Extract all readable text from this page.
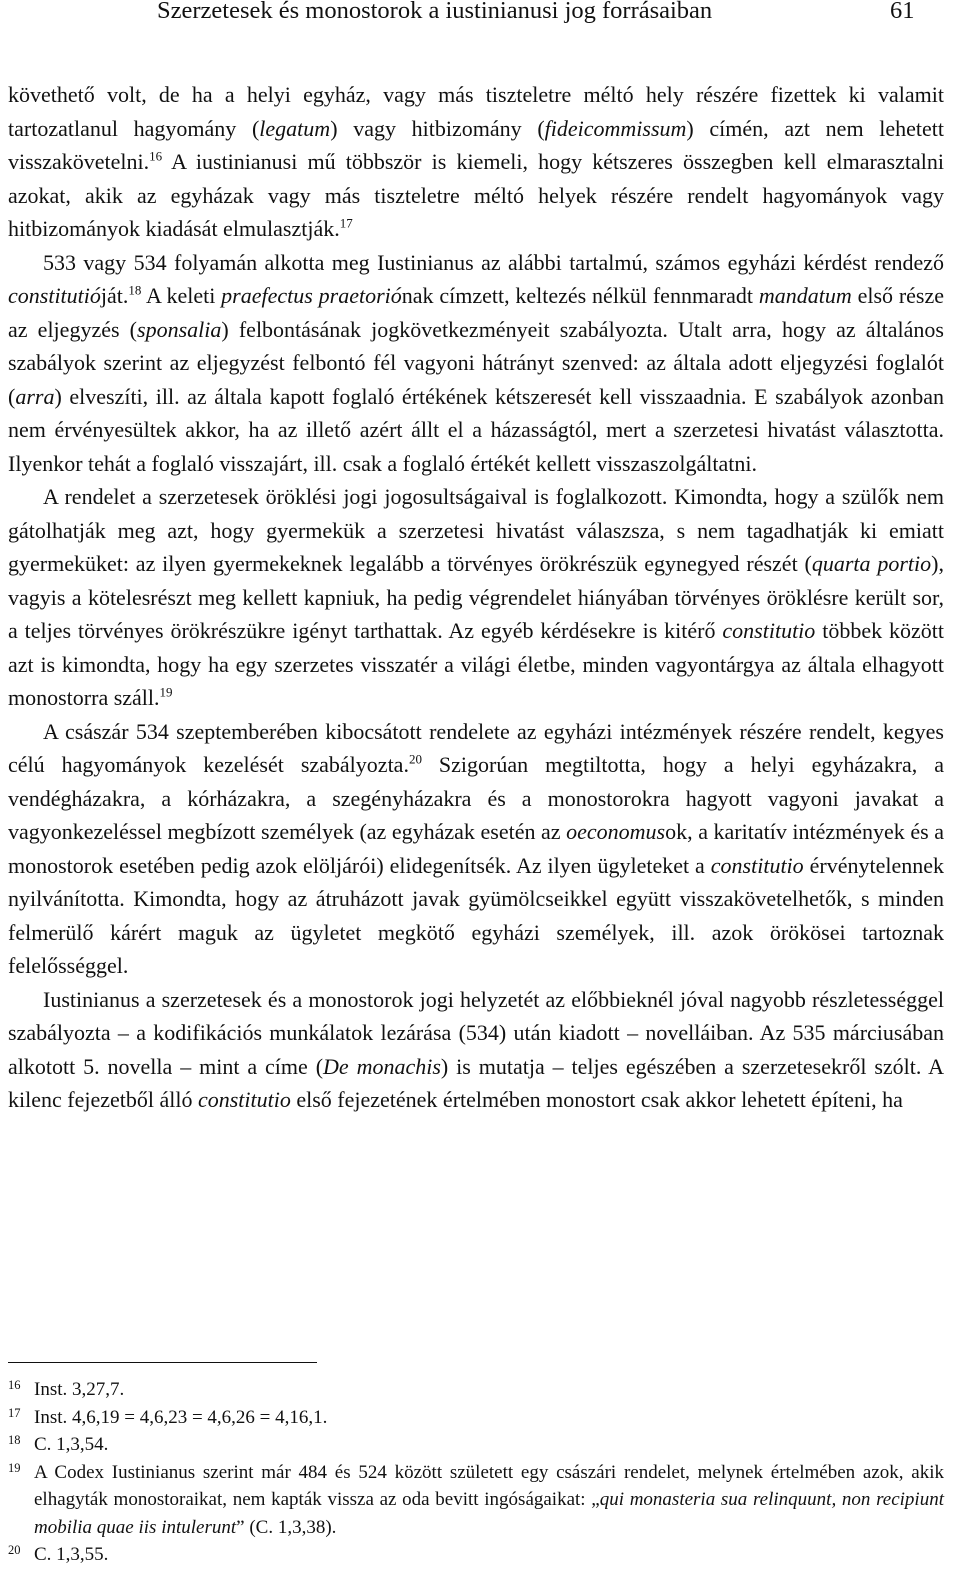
Szerzetesek és monostorok a iustinianusi jog forrásaiban	61

követhető volt, de ha a helyi egyház, vagy más tiszteletre méltó hely részére fizettek ki valamit tartozatlanul hagyomány (legatum) vagy hitbizomány (fideicommissum) címén, azt nem lehetett visszakövetelni.$^{16}$ A iustinianusi mű többször is kiemeli, hogy kétszeres összegben kell elmarasztalni azokat, akik az egyházak vagy más tiszteletre méltó helyek részére rendelt hagyományok vagy hitbizományok kiadását elmulasztják.$^{17}$

533 vagy 534 folyamán alkotta meg Iustinianus az alábbi tartalmú, számos egyházi kérdést rendező constitutióját.$^{18}$ A keleti praefectus praetoriónak címzett, keltezés nélkül fennmaradt mandatum első része az eljegyzés (sponsalia) felbontásának jogkövetkezményeit szabályozta. Utalt arra, hogy az általános szabályok szerint az eljegyzést felbontó fél vagyoni hátrányt szenved: az általa adott eljegyzési foglalót (arra) elveszíti, ill. az általa kapott foglaló értékének kétszeresét kell visszaadnia. E szabályok azonban nem érvényesültek akkor, ha az illető azért állt el a házasságtól, mert a szerzetesi hivatást választotta. Ilyenkor tehát a foglaló visszajárt, ill. csak a foglaló értékét kellett visszaszolgáltatni.

A rendelet a szerzetesek öröklési jogi jogosultságaival is foglalkozott. Kimondta, hogy a szülők nem gátolhatják meg azt, hogy gyermekük a szerzetesi hivatást válaszsza, s nem tagadhatják ki emiatt gyermeküket: az ilyen gyermekeknek legalább a törvényes örökrészük egynegyed részét (quarta portio), vagyis a kötelesrészt meg kellett kapniuk, ha pedig végrendelet hiányában törvényes öröklésre került sor, a teljes törvényes örökrészükre igényt tarthattak. Az egyéb kérdésekre is kitérő constitutio többek között azt is kimondta, hogy ha egy szerzetes visszatér a világi életbe, minden vagyontárgya az általa elhagyott monostorra száll.$^{19}$

A császár 534 szeptemberében kibocsátott rendelete az egyházi intézmények részére rendelt, kegyes célú hagyományok kezelését szabályozta.$^{20}$ Szigorúan megtiltotta, hogy a helyi egyházakra, a vendégházakra, a kórházakra, a szegényházakra és a monostorokra hagyott vagyoni javakat a vagyonkezeléssel megbízott személyek (az egyházak esetén az oeconomusok, a karitatív intézmények és a monostorok esetében pedig azok elöljárói) elidegenítsék. Az ilyen ügyleteket a constitutio érvénytelennek nyilvánította. Kimondta, hogy az átruházott javak gyümölcseikkel együtt visszakövetelhetők, s minden felmerülő kárért maguk az ügyletet megkötő egyházi személyek, ill. azok örökösei tartoznak felelősséggel.

Iustinianus a szerzetesek és a monostorok jogi helyzetét az előbbieknél jóval nagyobb részletességgel szabályozta – a kodifikációs munkálatok lezárása (534) után kiadott – novelláiban. Az 535 márciusában alkotott 5. novella – mint a címe (De monachis) is mutatja – teljes egészében a szerzetesekről szólt. A kilenc fejezetből álló constitutio első fejezetének értelmében monostort csak akkor lehetett építeni, ha

16 Inst. 3,27,7.
17 Inst. 4,6,19 = 4,6,23 = 4,6,26 = 4,16,1.
18 C. 1,3,54.
19 A Codex Iustinianus szerint már 484 és 524 között született egy császári rendelet, melynek értelmében azok, akik elhagyták monostoraikat, nem kapták vissza az oda bevitt ingóságaikat: „qui monasteria sua relinquunt, non recipiunt mobilia quae iis intulerunt” (C. 1,3,38).
20 C. 1,3,55.
